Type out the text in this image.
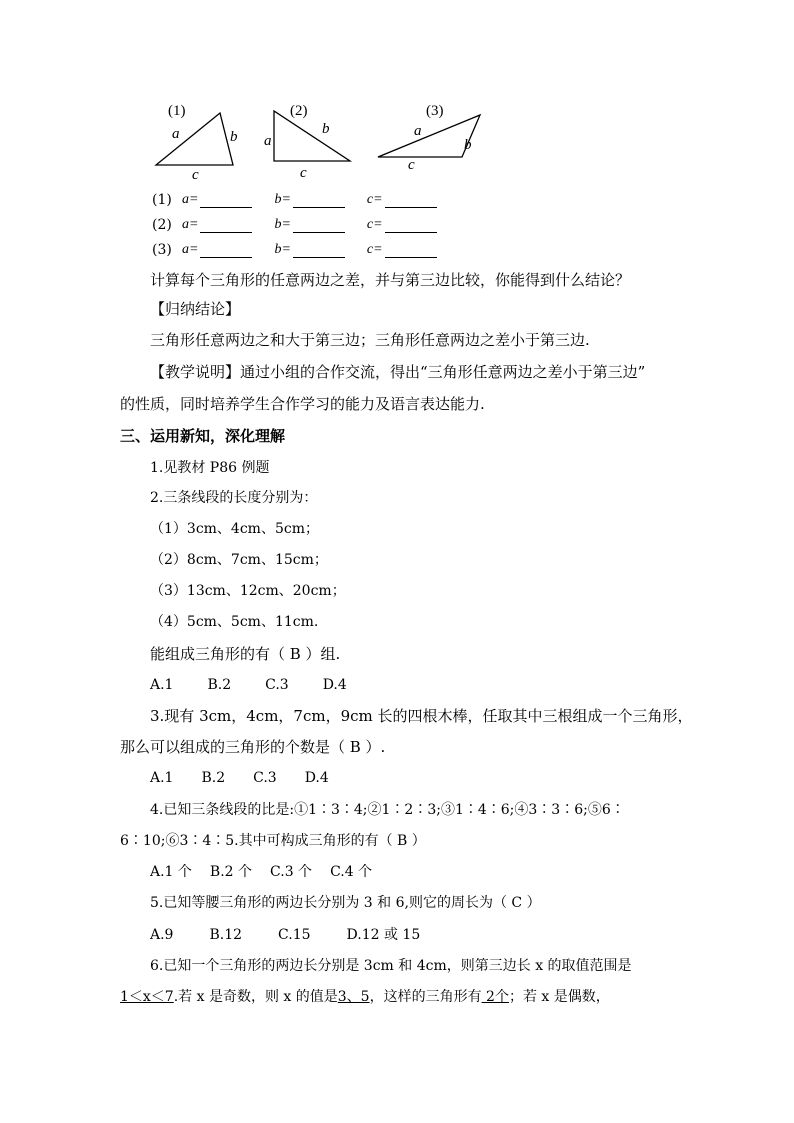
(1)
a	b
c
(2)
a
b
c
(3)
a
b
c
(1) a=	b=	c=
(2) a=	b=	c=
(3) a=	b=	c=
计算每个三角形的任意两边之差，并与第三边比较，你能得到什么结论？
【归纳结论】
三角形任意两边之和大于第三边；三角形任意两边之差小于第三边.
【教学说明】通过小组的合作交流，得出“三角形任意两边之差小于第三边”
的性质，同时培养学生合作学习的能力及语言表达能力.
三、运用新知，深化理解
1.见教材 P86 例题
2.三条线段的长度分别为：
（1）3cm、4cm、5cm；
（2）8cm、7cm、15cm；
（3）13cm、12cm、20cm；
（4）5cm、5cm、11cm.
能组成三角形的有（ B ）组.
A.1 B.2 C.3 D.4
3.现有 3cm，4cm，7cm，9cm 长的四根木棒，任取其中三根组成一个三角形，
那么可以组成的三角形的个数是（ B ）.
A.1 B.2 C.3 D.4
4.已知三条线段的比是:①1∶3∶4;②1∶2∶3;③1∶4∶6;④3∶3∶6;⑤6∶
6∶10;⑥3∶4∶5.其中可构成三角形的有（ B ）
A.1 个 B.2 个 C.3 个 C.4 个
5.已知等腰三角形的两边长分别为 3 和 6,则它的周长为（ C ）
A.9	B.12	C.15	D.12 或 15
6.已知一个三角形的两边长分别是 3cm 和 4cm，则第三边长 x 的取值范围是
1＜x＜7.若 x 是奇数，则 x 的值是3、5，这样的三角形有 2个；若 x 是偶数，
